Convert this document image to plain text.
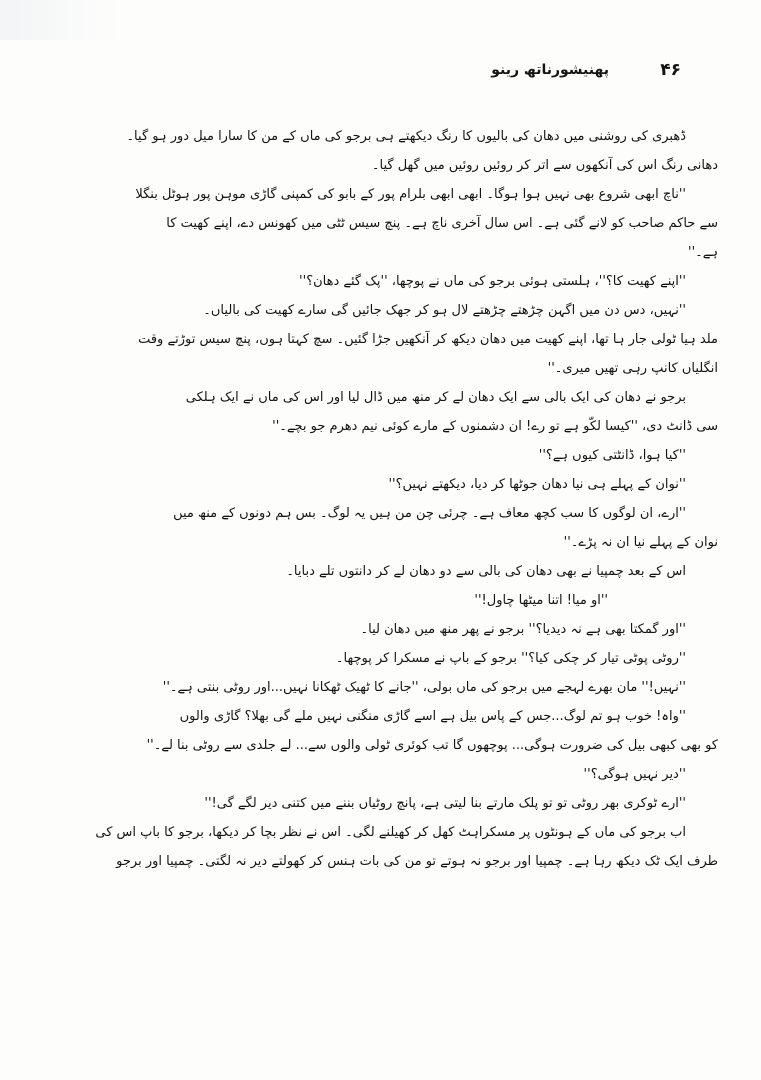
۴۶
پھنیشورناتھ رینو
ڈھبری کی روشنی میں دھان کی بالیوں کا رنگ دیکھتے ہی برجو کی ماں کے من کا سارا میل دور ہو گیا۔
دھانی رنگ اس کی آنکھوں سے اتر کر روئیں روئیں میں گھل گیا۔
''ناچ ابھی شروع بھی نہیں ہوا ہوگا۔ ابھی ابھی بلرام پور کے بابو کی کمپنی گاڑی موہن پور ہوٹل بنگلا
سے حاکم صاحب کو لانے گئی ہے۔ اس سال آخری ناچ ہے۔ پنچ سیس ٹٹی میں کھونس دے، اپنے کھیت کا
ہے۔''
''اپنے کھیت کا؟''، ہلستی ہوئی برجو کی ماں نے پوچھا، ''پک گئے دھان؟''
''نہیں، دس دن میں اگہن چڑھتے چڑھتے لال ہو کر جھک جائیں گی سارے کھیت کی بالیاں۔
ملد ہیا ٹولی جار ہا تھا، اپنے کھیت میں دھان دیکھ کر آنکھیں جڑا گئیں۔ سچ کہتا ہوں، پنچ سیس توڑتے وقت
انگلیاں کانپ رہی تھیں میری۔''
برجو نے دھان کی ایک بالی سے ایک دھان لے کر منھ میں ڈال لیا اور اس کی ماں نے ایک ہلکی
سی ڈانٹ دی، ''کیسا لکّو ہے تو رے! ان دشمنوں کے مارے کوئی نیم دھرم جو بچے۔''
''کیا ہوا، ڈانٹتی کیوں ہے؟''
''نوان کے پہلے ہی نیا دھان جوٹھا کر دیا، دیکھتے نہیں؟''
''ارے، ان لوگوں کا سب کچھ معاف ہے۔ چرئی چن من ہیں یہ لوگ۔ بس ہم دونوں کے منھ میں
نوان کے پہلے نیا ان نہ پڑے۔''
اس کے بعد چمپیا نے بھی دھان کی بالی سے دو دھان لے کر دانتوں تلے دبایا۔
''او میا! اتنا میٹھا چاول!''
''اور گمکتا بھی ہے نہ دیدیا؟'' برجو نے پھر منھ میں دھان لیا۔
''روٹی پوٹی تیار کر چکی کیا؟'' برجو کے باپ نے مسکرا کر پوچھا۔
''نہیں!'' مان بھرے لہجے میں برجو کی ماں بولی، ''جانے کا ٹھیک ٹھکانا نہیں...اور روٹی بنتی ہے۔''
''واہ! خوب ہو تم لوگ...جس کے پاس بیل ہے اسے گاڑی منگنی نہیں ملے گی بھلا؟ گاڑی والوں
کو بھی کبھی بیل کی ضرورت ہوگی... پوچھوں گا تب کوئری ٹولی والوں سے... لے جلدی سے روٹی بنا لے۔''
''دیر نہیں ہوگی؟''
''ارے ٹوکری بھر روٹی تو تو پلک مارتے بنا لیتی ہے، پانچ روٹیاں بننے میں کتنی دیر لگے گی!''
اب برجو کی ماں کے ہونٹوں پر مسکراہٹ کھل کر کھیلنے لگی۔ اس نے نظر بچا کر دیکھا، برجو کا باپ اس کی
طرف ایک ٹک دیکھ رہا ہے۔ چمپیا اور برجو نہ ہوتے تو من کی بات ہنس کر کھولتے دیر نہ لگتی۔ چمپیا اور برجو
